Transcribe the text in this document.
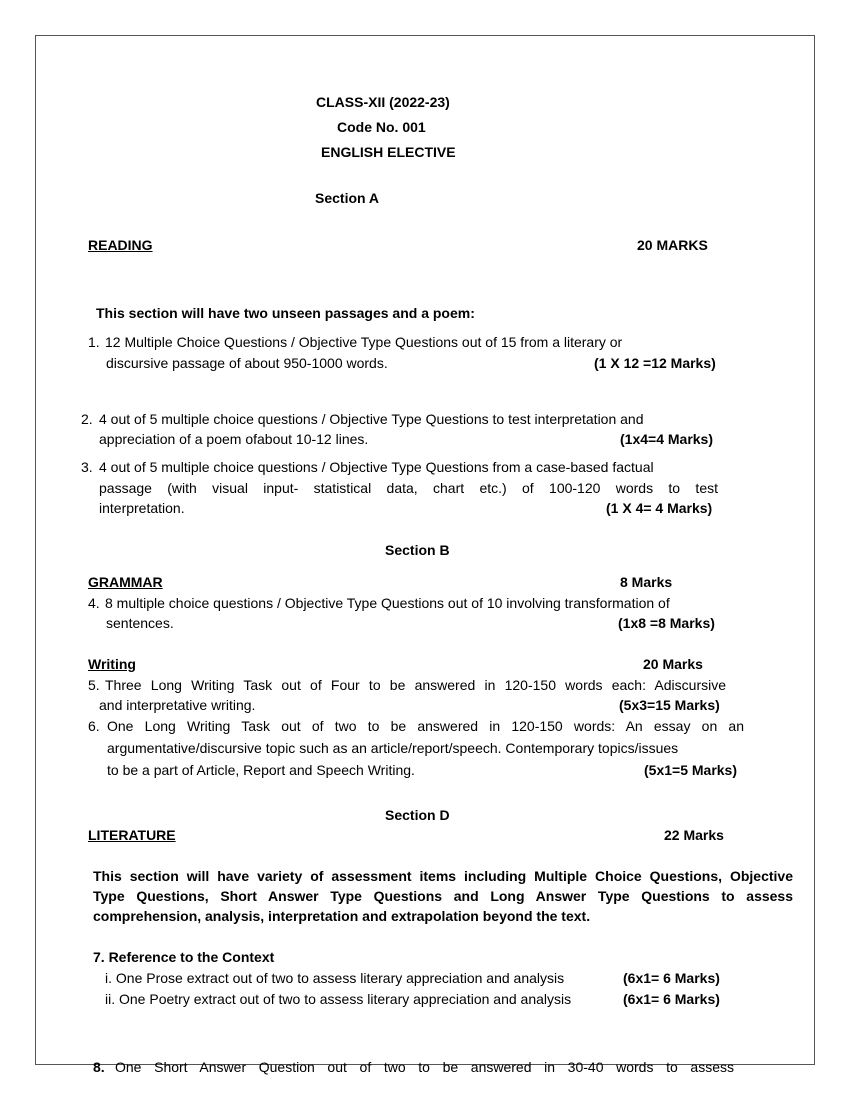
CLASS-XII (2022-23)
Code No. 001
ENGLISH ELECTIVE
Section A
READING	20 MARKS
This section will have two unseen passages and a poem:
1. 12 Multiple Choice Questions / Objective Type Questions out of 15 from a literary or
discursive passage of about 950-1000 words.	(1 X 12 =12 Marks)
2. 4 out of 5 multiple choice questions / Objective Type Questions to test interpretation and
appreciation of a poem ofabout 10-12 lines.	(1x4=4 Marks)
3. 4 out of 5 multiple choice questions / Objective Type Questions from a case-based factual
passage (with visual input- statistical data, chart etc.) of 100-120 words to test
interpretation.	(1 X 4= 4 Marks)
Section B
GRAMMAR	8 Marks
4. 8 multiple choice questions / Objective Type Questions out of 10 involving transformation of
sentences.	(1x8 =8 Marks)
Writing	20 Marks
5. Three Long Writing Task out of Four to be answered in 120-150 words each: Adiscursive
and interpretative writing.	(5x3=15 Marks)
6. One Long Writing Task out of two to be answered in 120-150 words: An essay on an
argumentative/discursive topic such as an article/report/speech. Contemporary topics/issues
to be a part of Article, Report and Speech Writing.	(5x1=5 Marks)
Section D
LITERATURE	22 Marks
This section will have variety of assessment items including Multiple Choice Questions, Objective
Type Questions, Short Answer Type Questions and Long Answer Type Questions to assess
comprehension, analysis, interpretation and extrapolation beyond the text.
7. Reference to the Context
i. One Prose extract out of two to assess literary appreciation and analysis	(6x1= 6 Marks)
ii. One Poetry extract out of two to assess literary appreciation and analysis	(6x1= 6 Marks)
8. One Short Answer Question out of two to be answered in 30-40 words to assess
